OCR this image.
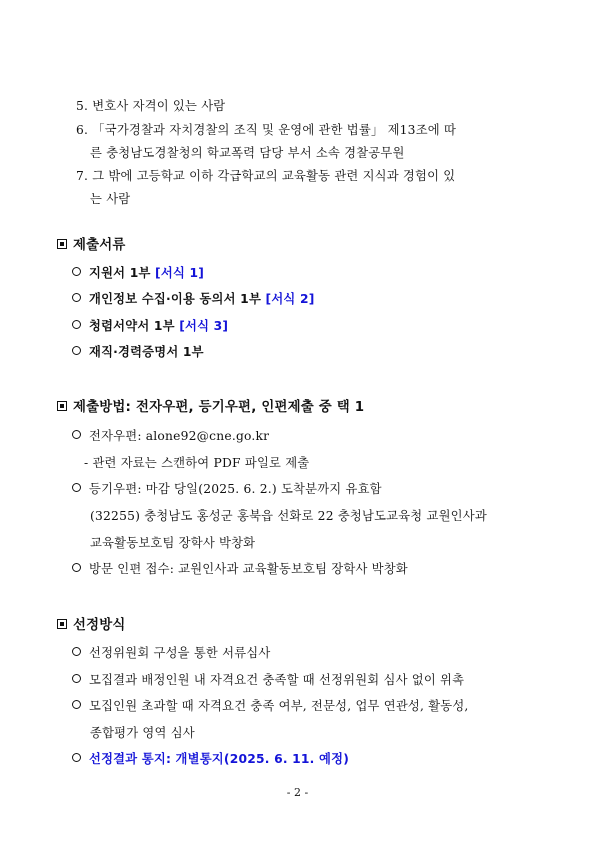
5. 변호사 자격이 있는 사람
6. 「국가경찰과 자치경찰의 조직 및 운영에 관한 법률」 제13조에 따
른 충청남도경찰청의 학교폭력 담당 부서 소속 경찰공무원
7. 그 밖에 고등학교 이하 각급학교의 교육활동 관련 지식과 경험이 있
는 사람
제출서류
지원서 1부 [서식 1]
개인정보 수집·이용 동의서 1부 [서식 2]
청렴서약서 1부 [서식 3]
재직·경력증명서 1부
제출방법: 전자우편, 등기우편, 인편제출 중 택 1
전자우편: alone92@cne.go.kr
- 관련 자료는 스캔하여 PDF 파일로 제출
등기우편: 마감 당일(2025. 6. 2.) 도착분까지 유효함
(32255) 충청남도 홍성군 홍북읍 선화로 22 충청남도교육청 교원인사과
교육활동보호팀 장학사 박창화
방문 인편 접수: 교원인사과 교육활동보호팀 장학사 박창화
선정방식
선정위원회 구성을 통한 서류심사
모집결과 배정인원 내 자격요건 충족할 때 선정위원회 심사 없이 위촉
모집인원 초과할 때 자격요건 충족 여부, 전문성, 업무 연관성, 활동성,
종합평가 영역 심사
선정결과 통지: 개별통지(2025. 6. 11. 예정)
- 2 -
